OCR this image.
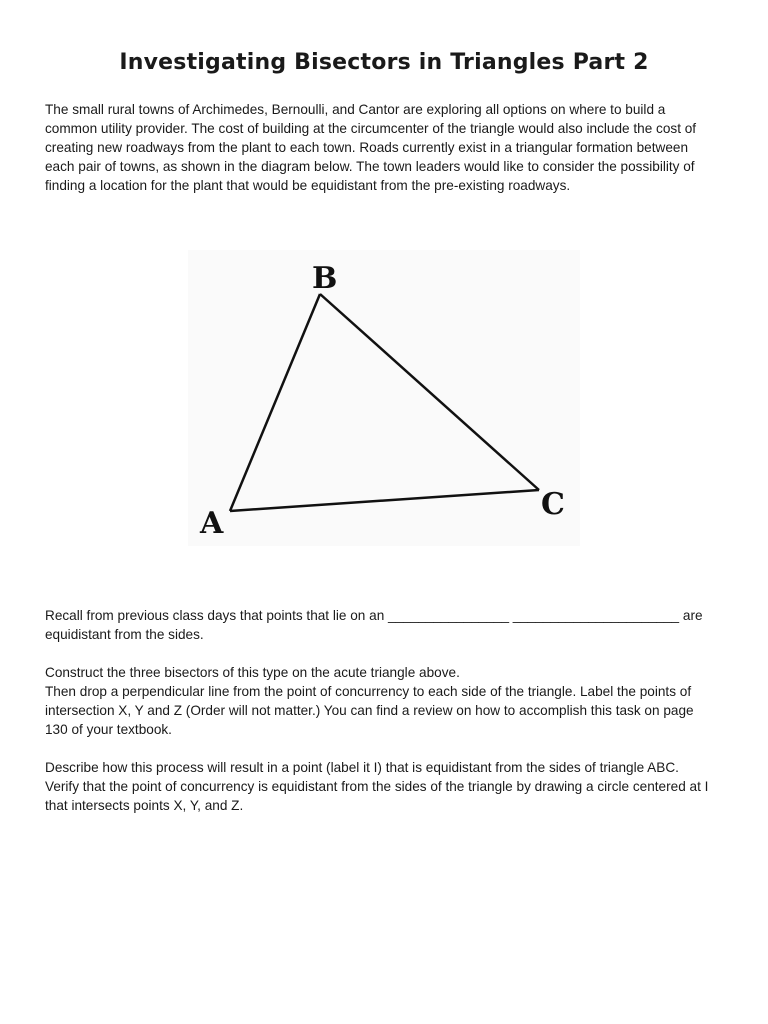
Investigating Bisectors in Triangles Part 2

The small rural towns of Archimedes, Bernoulli, and Cantor are exploring all options on where to build a
common utility provider. The cost of building at the circumcenter of the triangle would also include the cost of
creating new roadways from the plant to each town. Roads currently exist in a triangular formation between
each pair of towns, as shown in the diagram below. The town leaders would like to consider the possibility of
finding a location for the plant that would be equidistant from the pre-existing roadways.

A
B
C

Recall from previous class days that points that lie on an ________________ ______________________ are
equidistant from the sides.

Construct the three bisectors of this type on the acute triangle above.
Then drop a perpendicular line from the point of concurrency to each side of the triangle. Label the points of
intersection X, Y and Z (Order will not matter.) You can find a review on how to accomplish this task on page
130 of your textbook.

Describe how this process will result in a point (label it I) that is equidistant from the sides of triangle ABC.
Verify that the point of concurrency is equidistant from the sides of the triangle by drawing a circle centered at I
that intersects points X, Y, and Z.
